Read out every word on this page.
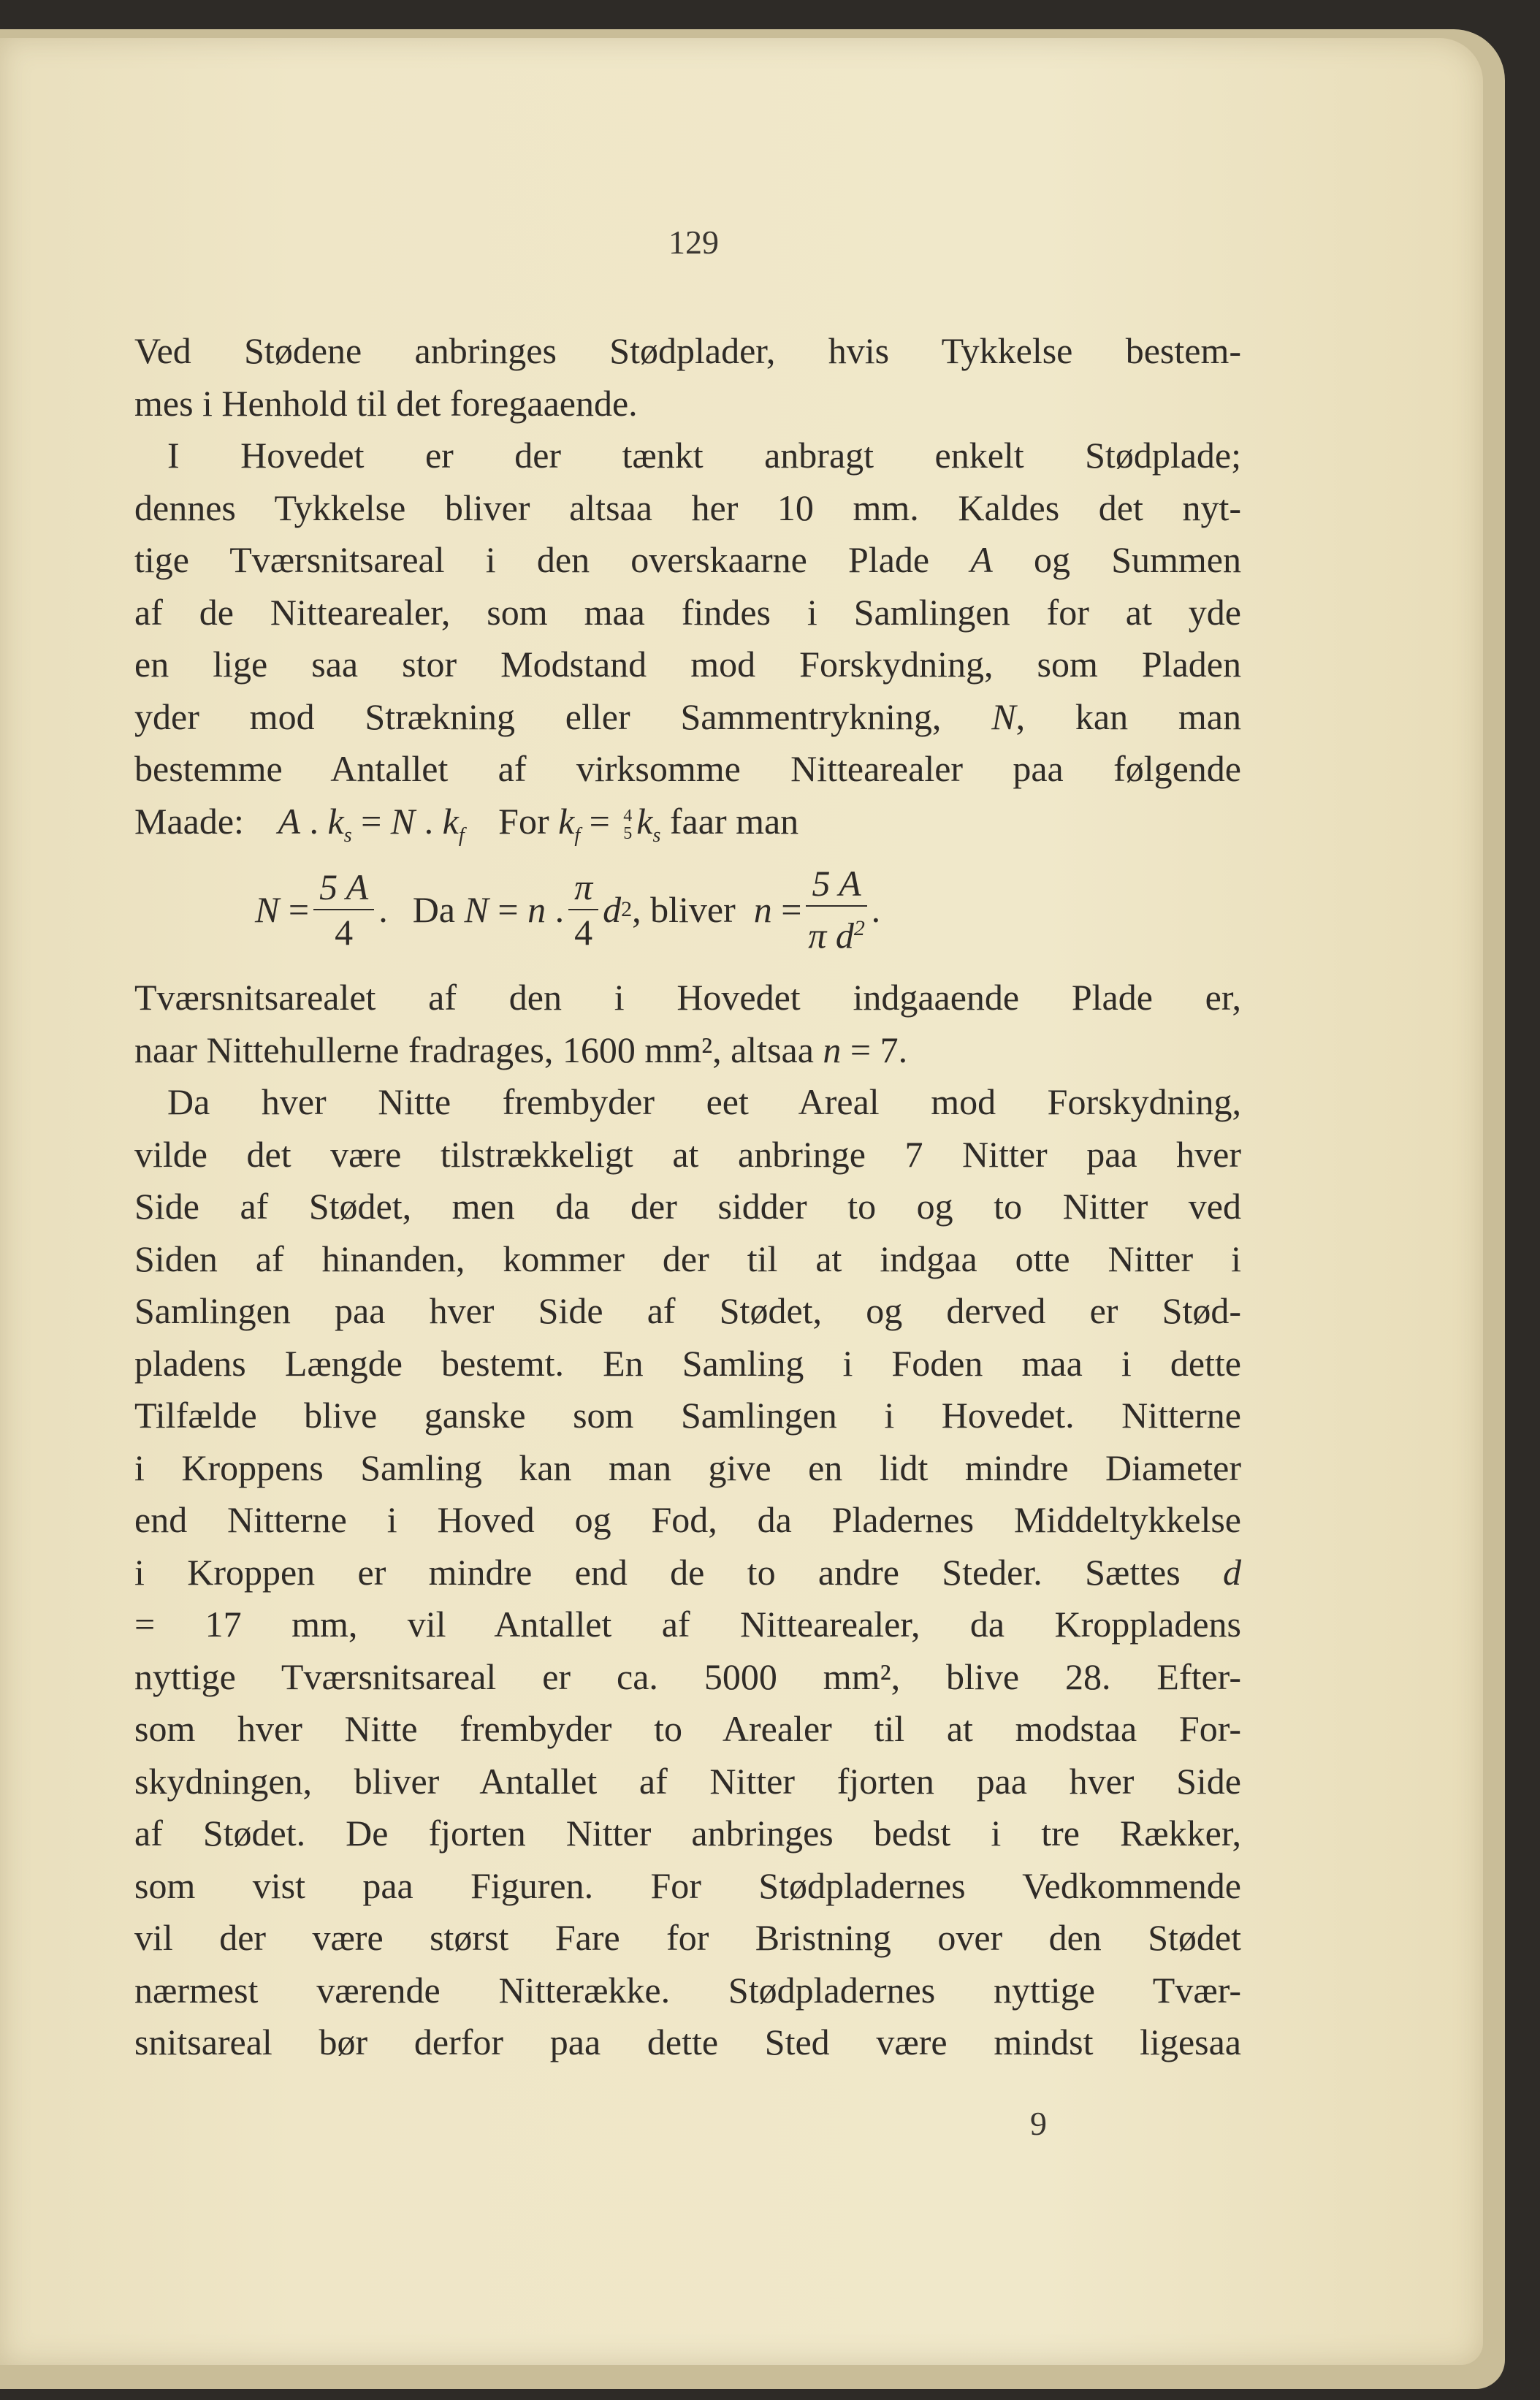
129
Ved Stødene anbringes Stødplader, hvis Tykkelse bestem-
mes i Henhold til det foregaaende.
I Hovedet er der tænkt anbragt enkelt Stødplade;
dennes Tykkelse bliver altsaa her 10 mm. Kaldes det nyt-
tige Tværsnitsareal i den overskaarne Plade A og Summen
af de Nittearealer, som maa findes i Samlingen for at yde
en lige saa stor Modstand mod Forskydning, som Pladen
yder mod Strækning eller Sammentrykning, N, kan man
bestemme Antallet af virksomme Nittearealer paa følgende
Maade: A . $k_s = N$ . $k_f$ For $k_f = 4$
5 $k_s$ faar man
N
= $\frac{5 A}{4}$ . Da
N
=
n . $\frac{\pi}{4}$ d 2 , bliver
n
= $\frac{5 A}{\pi d^2}$ .
Tværsnitsarealet af den i Hovedet indgaaende Plade er,
naar Nittehullerne fradrages, 1600 mm², altsaa n = 7.
Da hver Nitte frembyder eet Areal mod Forskydning,
vilde det være tilstrækkeligt at anbringe 7 Nitter paa hver
Side af Stødet, men da der sidder to og to Nitter ved
Siden af hinanden, kommer der til at indgaa otte Nitter i
Samlingen paa hver Side af Stødet, og derved er Stød-
pladens Længde bestemt. En Samling i Foden maa i dette
Tilfælde blive ganske som Samlingen i Hovedet. Nitterne
i Kroppens Samling kan man give en lidt mindre Diameter
end Nitterne i Hoved og Fod, da Pladernes Middeltykkelse
i Kroppen er mindre end de to andre Steder. Sættes d
= 17 mm, vil Antallet af Nittearealer, da Kroppladens
nyttige Tværsnitsareal er ca. 5000 mm², blive 28. Efter-
som hver Nitte frembyder to Arealer til at modstaa For-
skydningen, bliver Antallet af Nitter fjorten paa hver Side
af Stødet. De fjorten Nitter anbringes bedst i tre Rækker,
som vist paa Figuren. For Stødpladernes Vedkommende
vil der være størst Fare for Bristning over den Stødet
nærmest værende Nitterække. Stødpladernes nyttige Tvær-
snitsareal bør derfor paa dette Sted være mindst ligesaa
9
